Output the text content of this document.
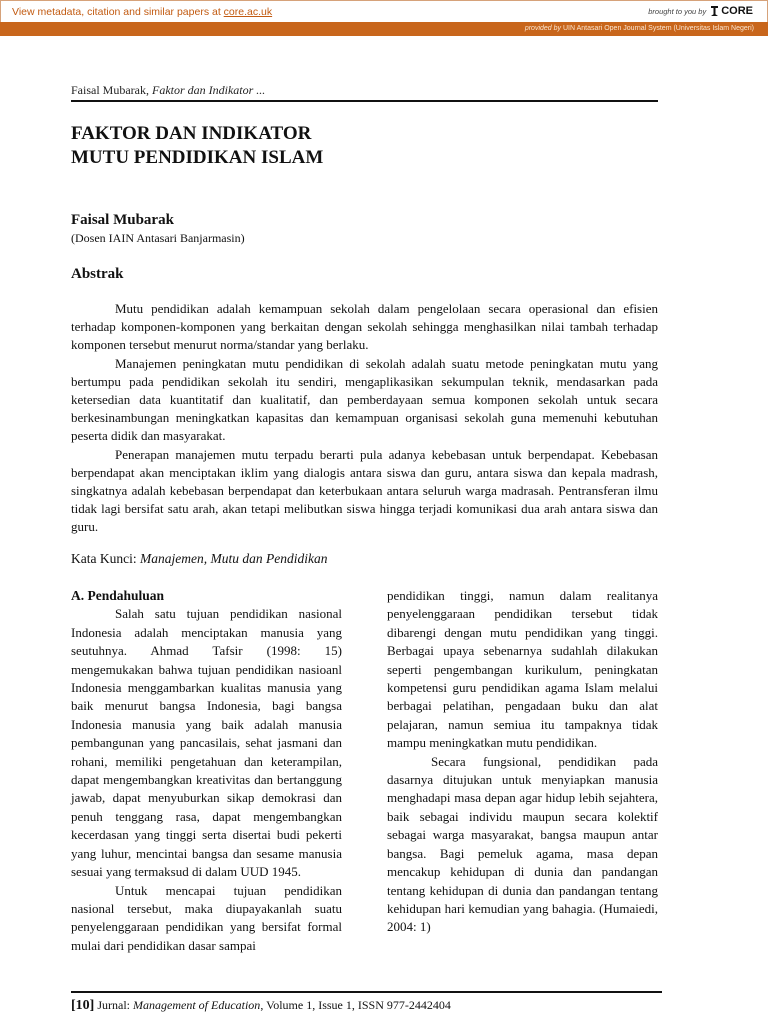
View metadata, citation and similar papers at core.ac.uk	brought to you by CORE
provided by UIN Antasari Open Journal System (Universitas Islam Negeri)
Faisal Mubarak, Faktor dan Indikator ...
FAKTOR DAN INDIKATOR
MUTU PENDIDIKAN ISLAM
Faisal Mubarak
(Dosen IAIN Antasari Banjarmasin)
Abstrak

Mutu pendidikan adalah kemampuan sekolah dalam pengelolaan secara operasional dan efisien terhadap komponen-komponen yang berkaitan dengan sekolah sehingga menghasilkan nilai tambah terhadap komponen tersebut menurut norma/standar yang berlaku.

Manajemen peningkatan mutu pendidikan di sekolah adalah suatu metode peningkatan mutu yang bertumpu pada pendidikan sekolah itu sendiri, mengaplikasikan sekumpulan teknik, mendasarkan pada ketersedian data kuantitatif dan kualitatif, dan pemberdayaan semua komponen sekolah untuk secara berkesinambungan meningkatkan kapasitas dan kemampuan organisasi sekolah guna memenuhi kebutuhan peserta didik dan masyarakat.

Penerapan manajemen mutu terpadu berarti pula adanya kebebasan untuk berpendapat. Kebebasan berpendapat akan menciptakan iklim yang dialogis antara siswa dan guru, antara siswa dan kepala madrash, singkatnya adalah kebebasan berpendapat dan keterbukaan antara seluruh warga madrasah. Pentransferan ilmu tidak lagi bersifat satu arah, akan tetapi melibutkan siswa hingga terjadi komunikasi dua arah antara siswa dan guru.

Kata Kunci: Manajemen, Mutu dan Pendidikan
A. Pendahuluan

Salah satu tujuan pendidikan nasional Indonesia adalah menciptakan manusia yang seutuhnya. Ahmad Tafsir (1998: 15) mengemukakan bahwa tujuan pendidikan nasioanl Indonesia menggambarkan kualitas manusia yang baik menurut bangsa Indonesia, bagi bangsa Indonesia manusia yang baik adalah manusia pembangunan yang pancasilais, sehat jasmani dan rohani, memiliki pengetahuan dan keterampilan, dapat mengembangkan kreativitas dan bertanggung jawab, dapat menyuburkan sikap demokrasi dan penuh tenggang rasa, dapat mengembangkan kecerdasan yang tinggi serta disertai budi pekerti yang luhur, mencintai bangsa dan sesame manusia sesuai yang termaksud di dalam UUD 1945.

Untuk mencapai tujuan pendidikan nasional tersebut, maka diupayakanlah suatu penyelenggaraan pendidikan yang bersifat formal mulai dari pendidikan dasar sampai

pendidikan tinggi, namun dalam realitanya penyelenggaraan pendidikan tersebut tidak dibarengi dengan mutu pendidikan yang tinggi. Berbagai upaya sebenarnya sudahlah dilakukan seperti pengembangan kurikulum, peningkatan kompetensi guru pendidikan agama Islam melalui berbagai pelatihan, pengadaan buku dan alat pelajaran, namun semiua itu tampaknya tidak mampu meningkatkan mutu pendidikan.

Secara fungsional, pendidikan pada dasarnya ditujukan untuk menyiapkan manusia menghadapi masa depan agar hidup lebih sejahtera, baik sebagai individu maupun secara kolektif sebagai warga masyarakat, bangsa maupun antar bangsa. Bagi pemeluk agama, masa depan mencakup kehidupan di dunia dan pandangan tentang kehidupan di dunia dan pandangan tentang kehidupan hari kemudian yang bahagia. (Humaiedi, 2004: 1)

[10] Jurnal: Management of Education, Volume 1, Issue 1, ISSN 977-2442404
